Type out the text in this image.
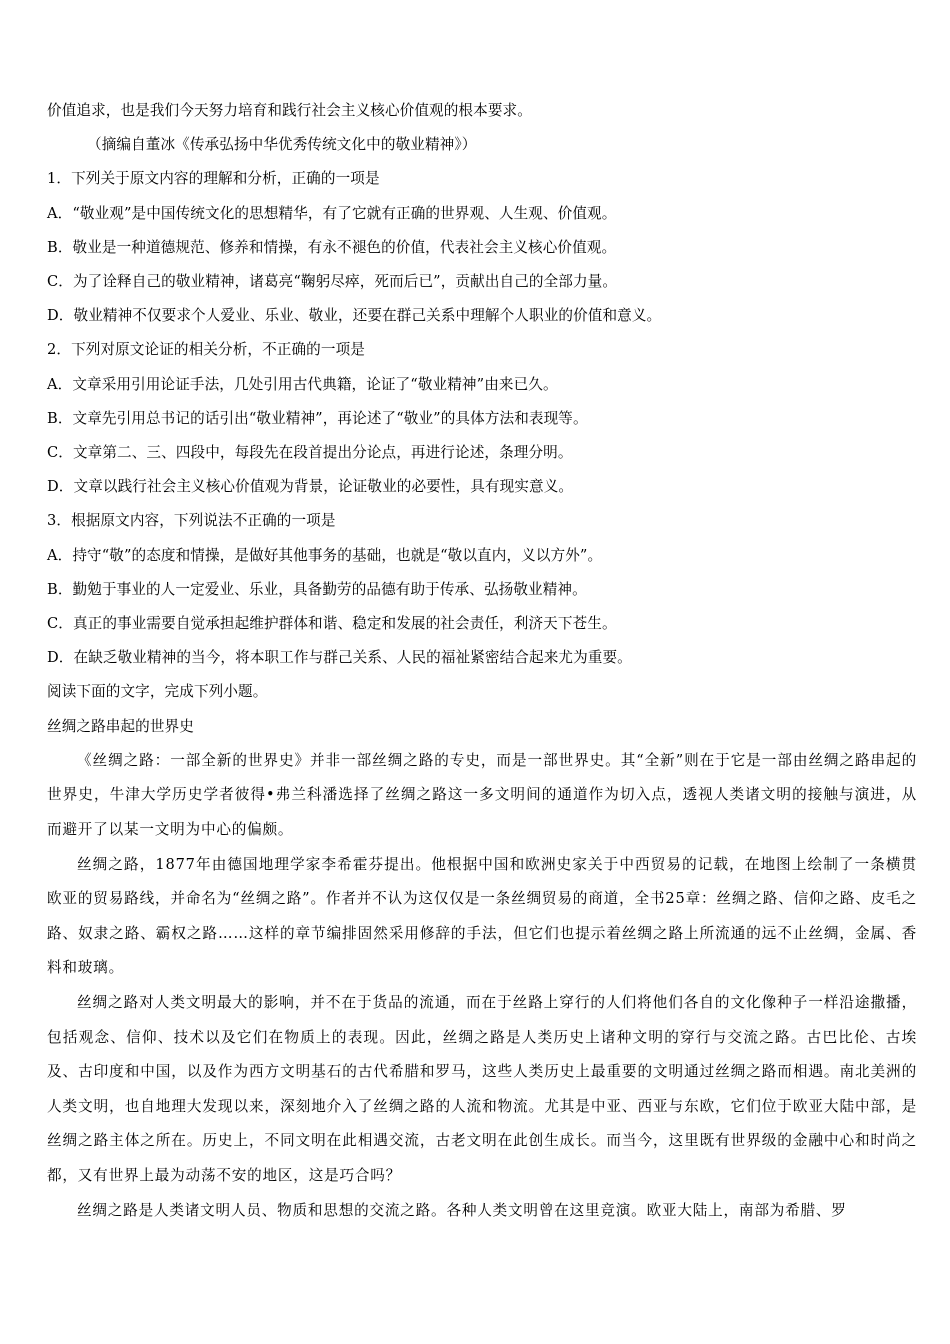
价值追求，也是我们今天努力培育和践行社会主义核心价值观的根本要求。
（摘编自董冰《传承弘扬中华优秀传统文化中的敬业精神》）
1．下列关于原文内容的理解和分析，正确的一项是
A．“敬业观”是中国传统文化的思想精华，有了它就有正确的世界观、人生观、价值观。
B．敬业是一种道德规范、修养和情操，有永不褪色的价值，代表社会主义核心价值观。
C．为了诠释自己的敬业精神，诸葛亮“鞠躬尽瘁，死而后已”，贡献出自己的全部力量。
D．敬业精神不仅要求个人爱业、乐业、敬业，还要在群己关系中理解个人职业的价值和意义。
2．下列对原文论证的相关分析，不正确的一项是
A．文章采用引用论证手法，几处引用古代典籍，论证了“敬业精神”由来已久。
B．文章先引用总书记的话引出“敬业精神”，再论述了“敬业”的具体方法和表现等。
C．文章第二、三、四段中，每段先在段首提出分论点，再进行论述，条理分明。
D．文章以践行社会主义核心价值观为背景，论证敬业的必要性，具有现实意义。
3．根据原文内容，下列说法不正确的一项是
A．持守“敬”的态度和情操，是做好其他事务的基础，也就是“敬以直内，义以方外”。
B．勤勉于事业的人一定爱业、乐业，具备勤劳的品德有助于传承、弘扬敬业精神。
C．真正的事业需要自觉承担起维护群体和谐、稳定和发展的社会责任，利济天下苍生。
D．在缺乏敬业精神的当今，将本职工作与群己关系、人民的福祉紧密结合起来尤为重要。
阅读下面的文字，完成下列小题。
丝绸之路串起的世界史
《丝绸之路：一部全新的世界史》并非一部丝绸之路的专史，而是一部世界史。其“全新”则在于它是一部由丝绸之路串起的世界史，牛津大学历史学者彼得•弗兰科潘选择了丝绸之路这一多文明间的通道作为切入点，透视人类诸文明的接触与演进，从而避开了以某一文明为中心的偏颇。
丝绸之路，1877年由德国地理学家李希霍芬提出。他根据中国和欧洲史家关于中西贸易的记载，在地图上绘制了一条横贯欧亚的贸易路线，并命名为“丝绸之路”。作者并不认为这仅仅是一条丝绸贸易的商道，全书25章：丝绸之路、信仰之路、皮毛之路、奴隶之路、霸权之路……这样的章节编排固然采用修辞的手法，但它们也提示着丝绸之路上所流通的远不止丝绸，金属、香料和玻璃。
丝绸之路对人类文明最大的影响，并不在于货品的流通，而在于丝路上穿行的人们将他们各自的文化像种子一样沿途撒播，包括观念、信仰、技术以及它们在物质上的表现。因此，丝绸之路是人类历史上诸种文明的穿行与交流之路。古巴比伦、古埃及、古印度和中国，以及作为西方文明基石的古代希腊和罗马，这些人类历史上最重要的文明通过丝绸之路而相遇。南北美洲的人类文明，也自地理大发现以来，深刻地介入了丝绸之路的人流和物流。尤其是中亚、西亚与东欧，它们位于欧亚大陆中部，是丝绸之路主体之所在。历史上，不同文明在此相遇交流，古老文明在此创生成长。而当今，这里既有世界级的金融中心和时尚之都，又有世界上最为动荡不安的地区，这是巧合吗？
丝绸之路是人类诸文明人员、物质和思想的交流之路。各种人类文明曾在这里竞演。欧亚大陆上，南部为希腊、罗
